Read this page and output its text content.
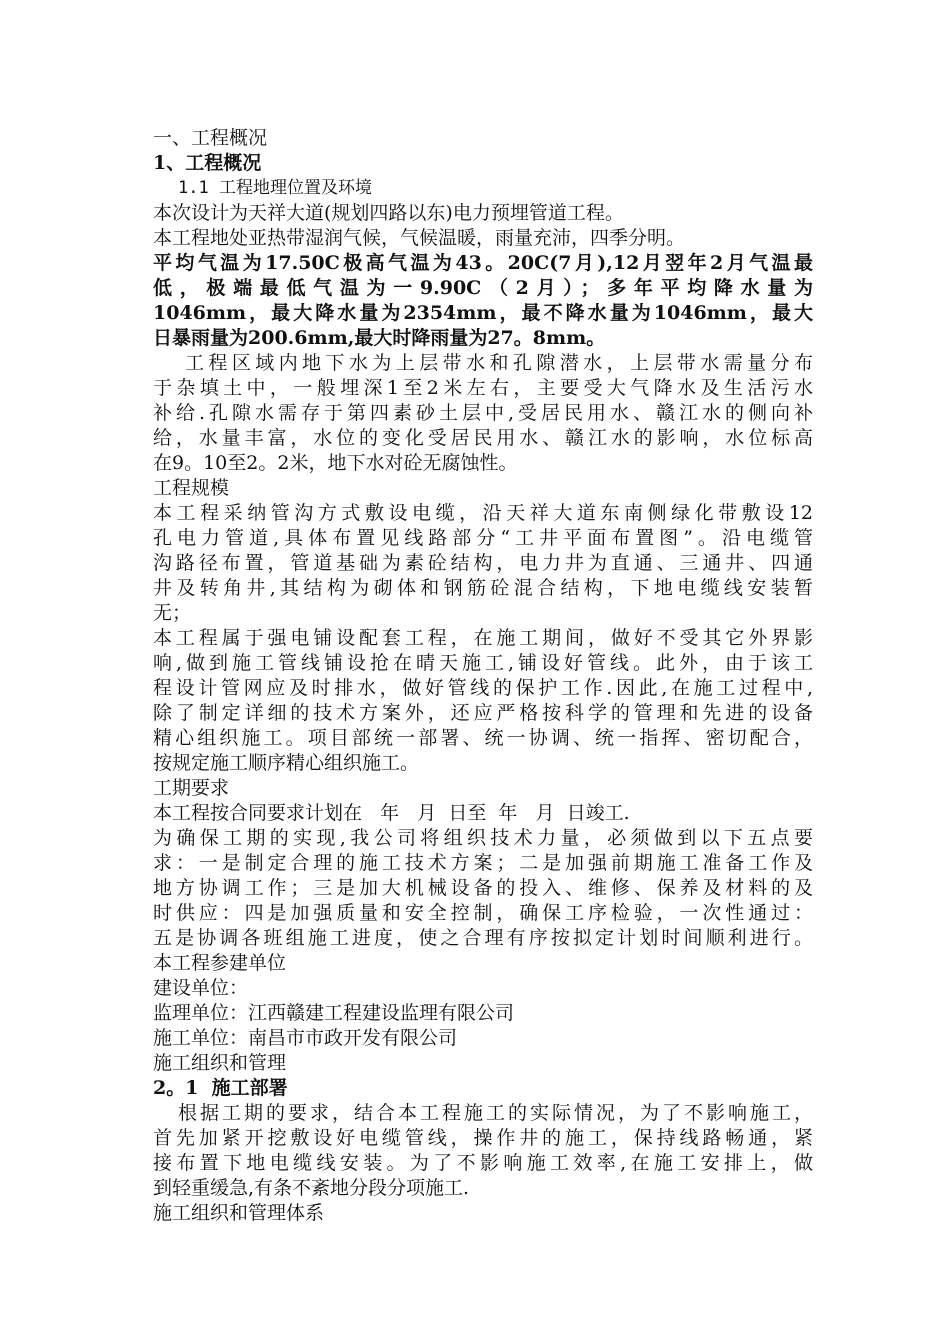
一、工程概况
1、工程概况
1.1 工程地理位置及环境
本次设计为天祥大道(规划四路以东)电力预埋管道工程。
本工程地处亚热带湿润气候，气候温暖，雨量充沛，四季分明。
平均气温为17.50C极高气温为43。20C(7月),12月翌年2月气温最
低，极端最低气温为一9.90C（2月）；多年平均降水量为
1046mm，最大降水量为2354mm，最不降水量为1046mm，最大
日暴雨量为200.6mm,最大时降雨量为27。8mm。
工程区域内地下水为上层带水和孔隙潜水，上层带水需量分布
于杂填土中，一般埋深1至2米左右，主要受大气降水及生活污水
补给.孔隙水需存于第四素砂土层中,受居民用水、赣江水的侧向补
给，水量丰富，水位的变化受居民用水、赣江水的影响，水位标高
在9。10至2。2米，地下水对砼无腐蚀性。
工程规模
本工程采纳管沟方式敷设电缆，沿天祥大道东南侧绿化带敷设12
孔电力管道,具体布置见线路部分“工井平面布置图”。沿电缆管
沟路径布置，管道基础为素砼结构，电力井为直通、三通井、四通
井及转角井,其结构为砌体和钢筋砼混合结构，下地电缆线安装暂
无；
本工程属于强电铺设配套工程，在施工期间，做好不受其它外界影
响,做到施工管线铺设抢在晴天施工,铺设好管线。此外，由于该工
程设计管网应及时排水，做好管线的保护工作.因此,在施工过程中,
除了制定详细的技术方案外，还应严格按科学的管理和先进的设备
精心组织施工。项目部统一部署、统一协调、统一指挥、密切配合，
按规定施工顺序精心组织施工。
工期要求
本工程按合同要求计划在   年   月  日至  年   月  日竣工.
为确保工期的实现,我公司将组织技术力量，必须做到以下五点要
求：一是制定合理的施工技术方案；二是加强前期施工准备工作及
地方协调工作；三是加大机械设备的投入、维修、保养及材料的及
时供应：四是加强质量和安全控制，确保工序检验，一次性通过：
五是协调各班组施工进度，使之合理有序按拟定计划时间顺利进行。
本工程参建单位
建设单位：
监理单位：江西赣建工程建设监理有限公司
施工单位：南昌市市政开发有限公司
施工组织和管理
2。1  施工部署
根据工期的要求，结合本工程施工的实际情况，为了不影响施工，
首先加紧开挖敷设好电缆管线，操作井的施工，保持线路畅通，紧
接布置下地电缆线安装。为了不影响施工效率,在施工安排上，做
到轻重缓急,有条不紊地分段分项施工.
施工组织和管理体系
